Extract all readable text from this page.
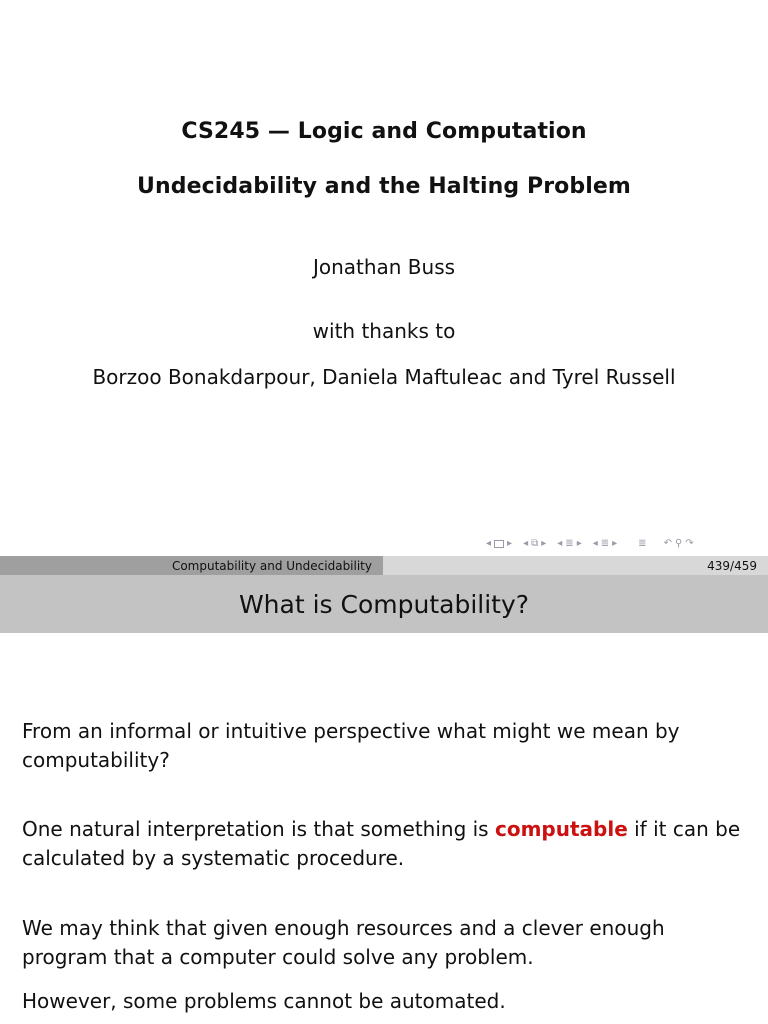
CS245 — Logic and Computation
Undecidability and the Halting Problem
Jonathan Buss
with thanks to
Borzoo Bonakdarpour, Daniela Maftuleac and Tyrel Russell
◂ ▸ ◂ ⧉ ▸ ◂ ≣ ▸ ◂ ≣ ▸ ≣ ↶ ⚲ ↷
Computability and Undecidability	439/459
What is Computability?
From an informal or intuitive perspective what might we mean by computability?
One natural interpretation is that something is computable if it can be calculated by a systematic procedure.
We may think that given enough resources and a clever enough program that a computer could solve any problem.
However, some problems cannot be automated.
